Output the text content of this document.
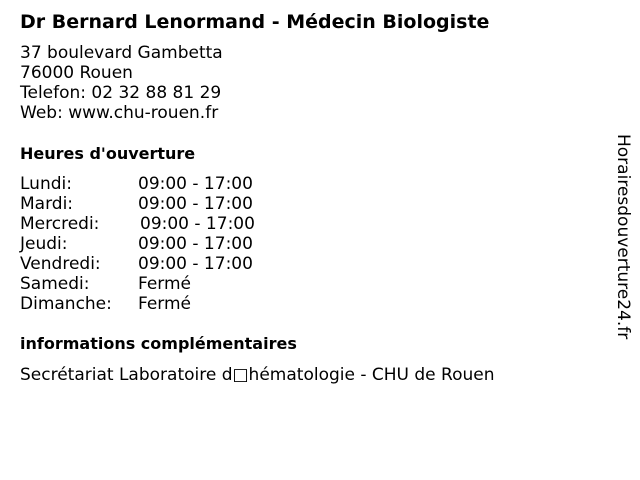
Dr Bernard Lenormand - Médecin Biologiste
37 boulevard Gambetta
76000 Rouen
Telefon: 02 32 88 81 29
Web: www.chu-rouen.fr
Heures d'ouverture
Lundi:	09:00 - 17:00
Mardi:	09:00 - 17:00
Mercredi: 09:00 - 17:00
Jeudi:	09:00 - 17:00
Vendredi: 09:00 - 17:00
Samedi:	Fermé
Dimanche: Fermé
informations complémentaires
Secrétariat Laboratoire d□hématologie - CHU de Rouen
Horairesdouverture24.fr
